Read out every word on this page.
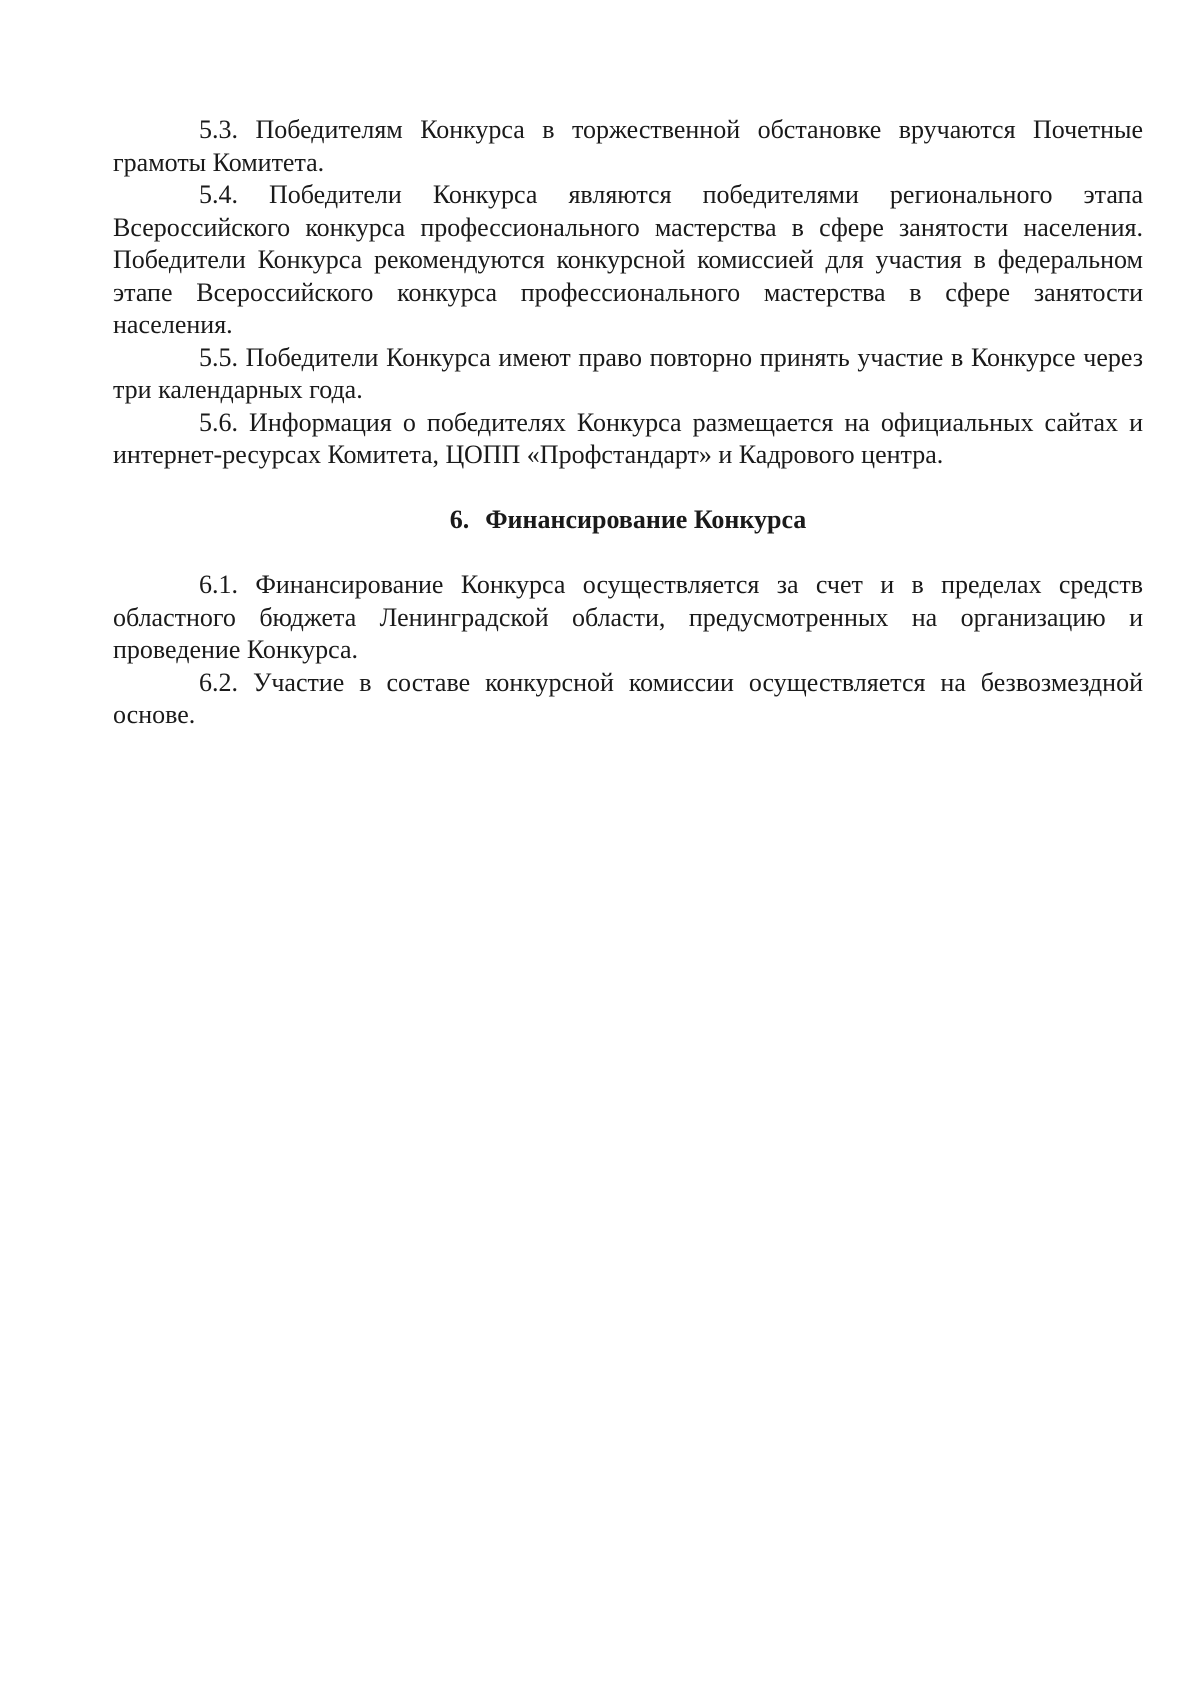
5.3. Победителям Конкурса в торжественной обстановке вручаются Почетные грамоты Комитета.

5.4. Победители Конкурса являются победителями регионального этапа Всероссийского конкурса профессионального мастерства в сфере занятости населения. Победители Конкурса рекомендуются конкурсной комиссией для участия в федеральном этапе Всероссийского конкурса профессионального мастерства в сфере занятости населения.

5.5. Победители Конкурса имеют право повторно принять участие в Конкурсе через три календарных года.

5.6. Информация о победителях Конкурса размещается на официальных сайтах и интернет-ресурсах Комитета, ЦОПП «Профстандарт» и Кадрового центра.

6. Финансирование Конкурса

6.1. Финансирование Конкурса осуществляется за счет и в пределах средств областного бюджета Ленинградской области, предусмотренных на организацию и проведение Конкурса.

6.2. Участие в составе конкурсной комиссии осуществляется на безвозмездной основе.
